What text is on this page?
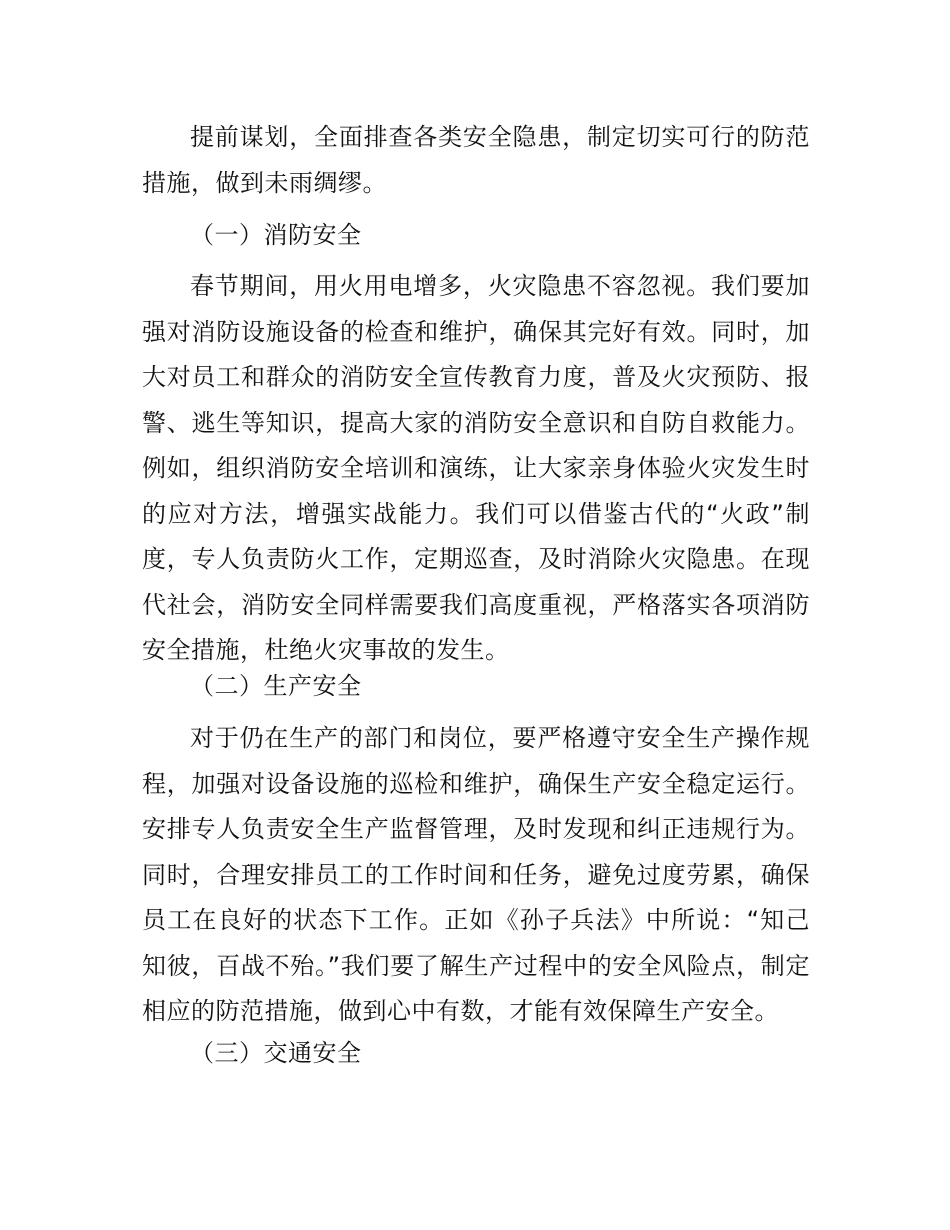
提前谋划，全面排查各类安全隐患，制定切实可行的防范措施，做到未雨绸缪。

（一）消防安全

春节期间，用火用电增多，火灾隐患不容忽视。我们要加强对消防设施设备的检查和维护，确保其完好有效。同时，加大对员工和群众的消防安全宣传教育力度，普及火灾预防、报警、逃生等知识，提高大家的消防安全意识和自防自救能力。例如，组织消防安全培训和演练，让大家亲身体验火灾发生时的应对方法，增强实战能力。我们可以借鉴古代的“火政”制度，专人负责防火工作，定期巡查，及时消除火灾隐患。在现代社会，消防安全同样需要我们高度重视，严格落实各项消防安全措施，杜绝火灾事故的发生。

（二）生产安全

对于仍在生产的部门和岗位，要严格遵守安全生产操作规程，加强对设备设施的巡检和维护，确保生产安全稳定运行。安排专人负责安全生产监督管理，及时发现和纠正违规行为。同时，合理安排员工的工作时间和任务，避免过度劳累，确保员工在良好的状态下工作。正如《孙子兵法》中所说：“知己知彼，百战不殆。”我们要了解生产过程中的安全风险点，制定相应的防范措施，做到心中有数，才能有效保障生产安全。

（三）交通安全
